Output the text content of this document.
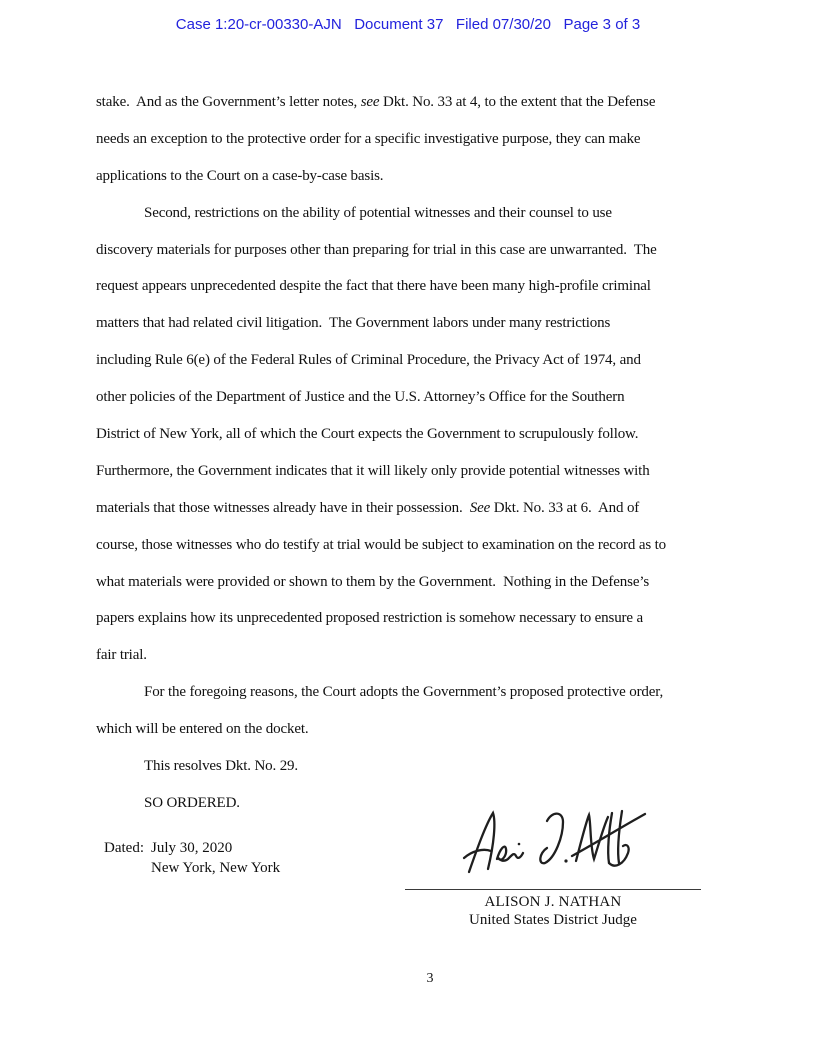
Case 1:20-cr-00330-AJN   Document 37   Filed 07/30/20   Page 3 of 3
stake.  And as the Government’s letter notes, see Dkt. No. 33 at 4, to the extent that the Defense
needs an exception to the protective order for a specific investigative purpose, they can make
applications to the Court on a case-by-case basis.
Second, restrictions on the ability of potential witnesses and their counsel to use
discovery materials for purposes other than preparing for trial in this case are unwarranted.  The
request appears unprecedented despite the fact that there have been many high-profile criminal
matters that had related civil litigation.  The Government labors under many restrictions
including Rule 6(e) of the Federal Rules of Criminal Procedure, the Privacy Act of 1974, and
other policies of the Department of Justice and the U.S. Attorney’s Office for the Southern
District of New York, all of which the Court expects the Government to scrupulously follow.
Furthermore, the Government indicates that it will likely only provide potential witnesses with
materials that those witnesses already have in their possession.  See Dkt. No. 33 at 6.  And of
course, those witnesses who do testify at trial would be subject to examination on the record as to
what materials were provided or shown to them by the Government.  Nothing in the Defense’s
papers explains how its unprecedented proposed restriction is somehow necessary to ensure a
fair trial.
For the foregoing reasons, the Court adopts the Government’s proposed protective order,
which will be entered on the docket.
This resolves Dkt. No. 29.
SO ORDERED.
Dated: July 30, 2020
New York, New York
ALISON J. NATHAN
United States District Judge
3
